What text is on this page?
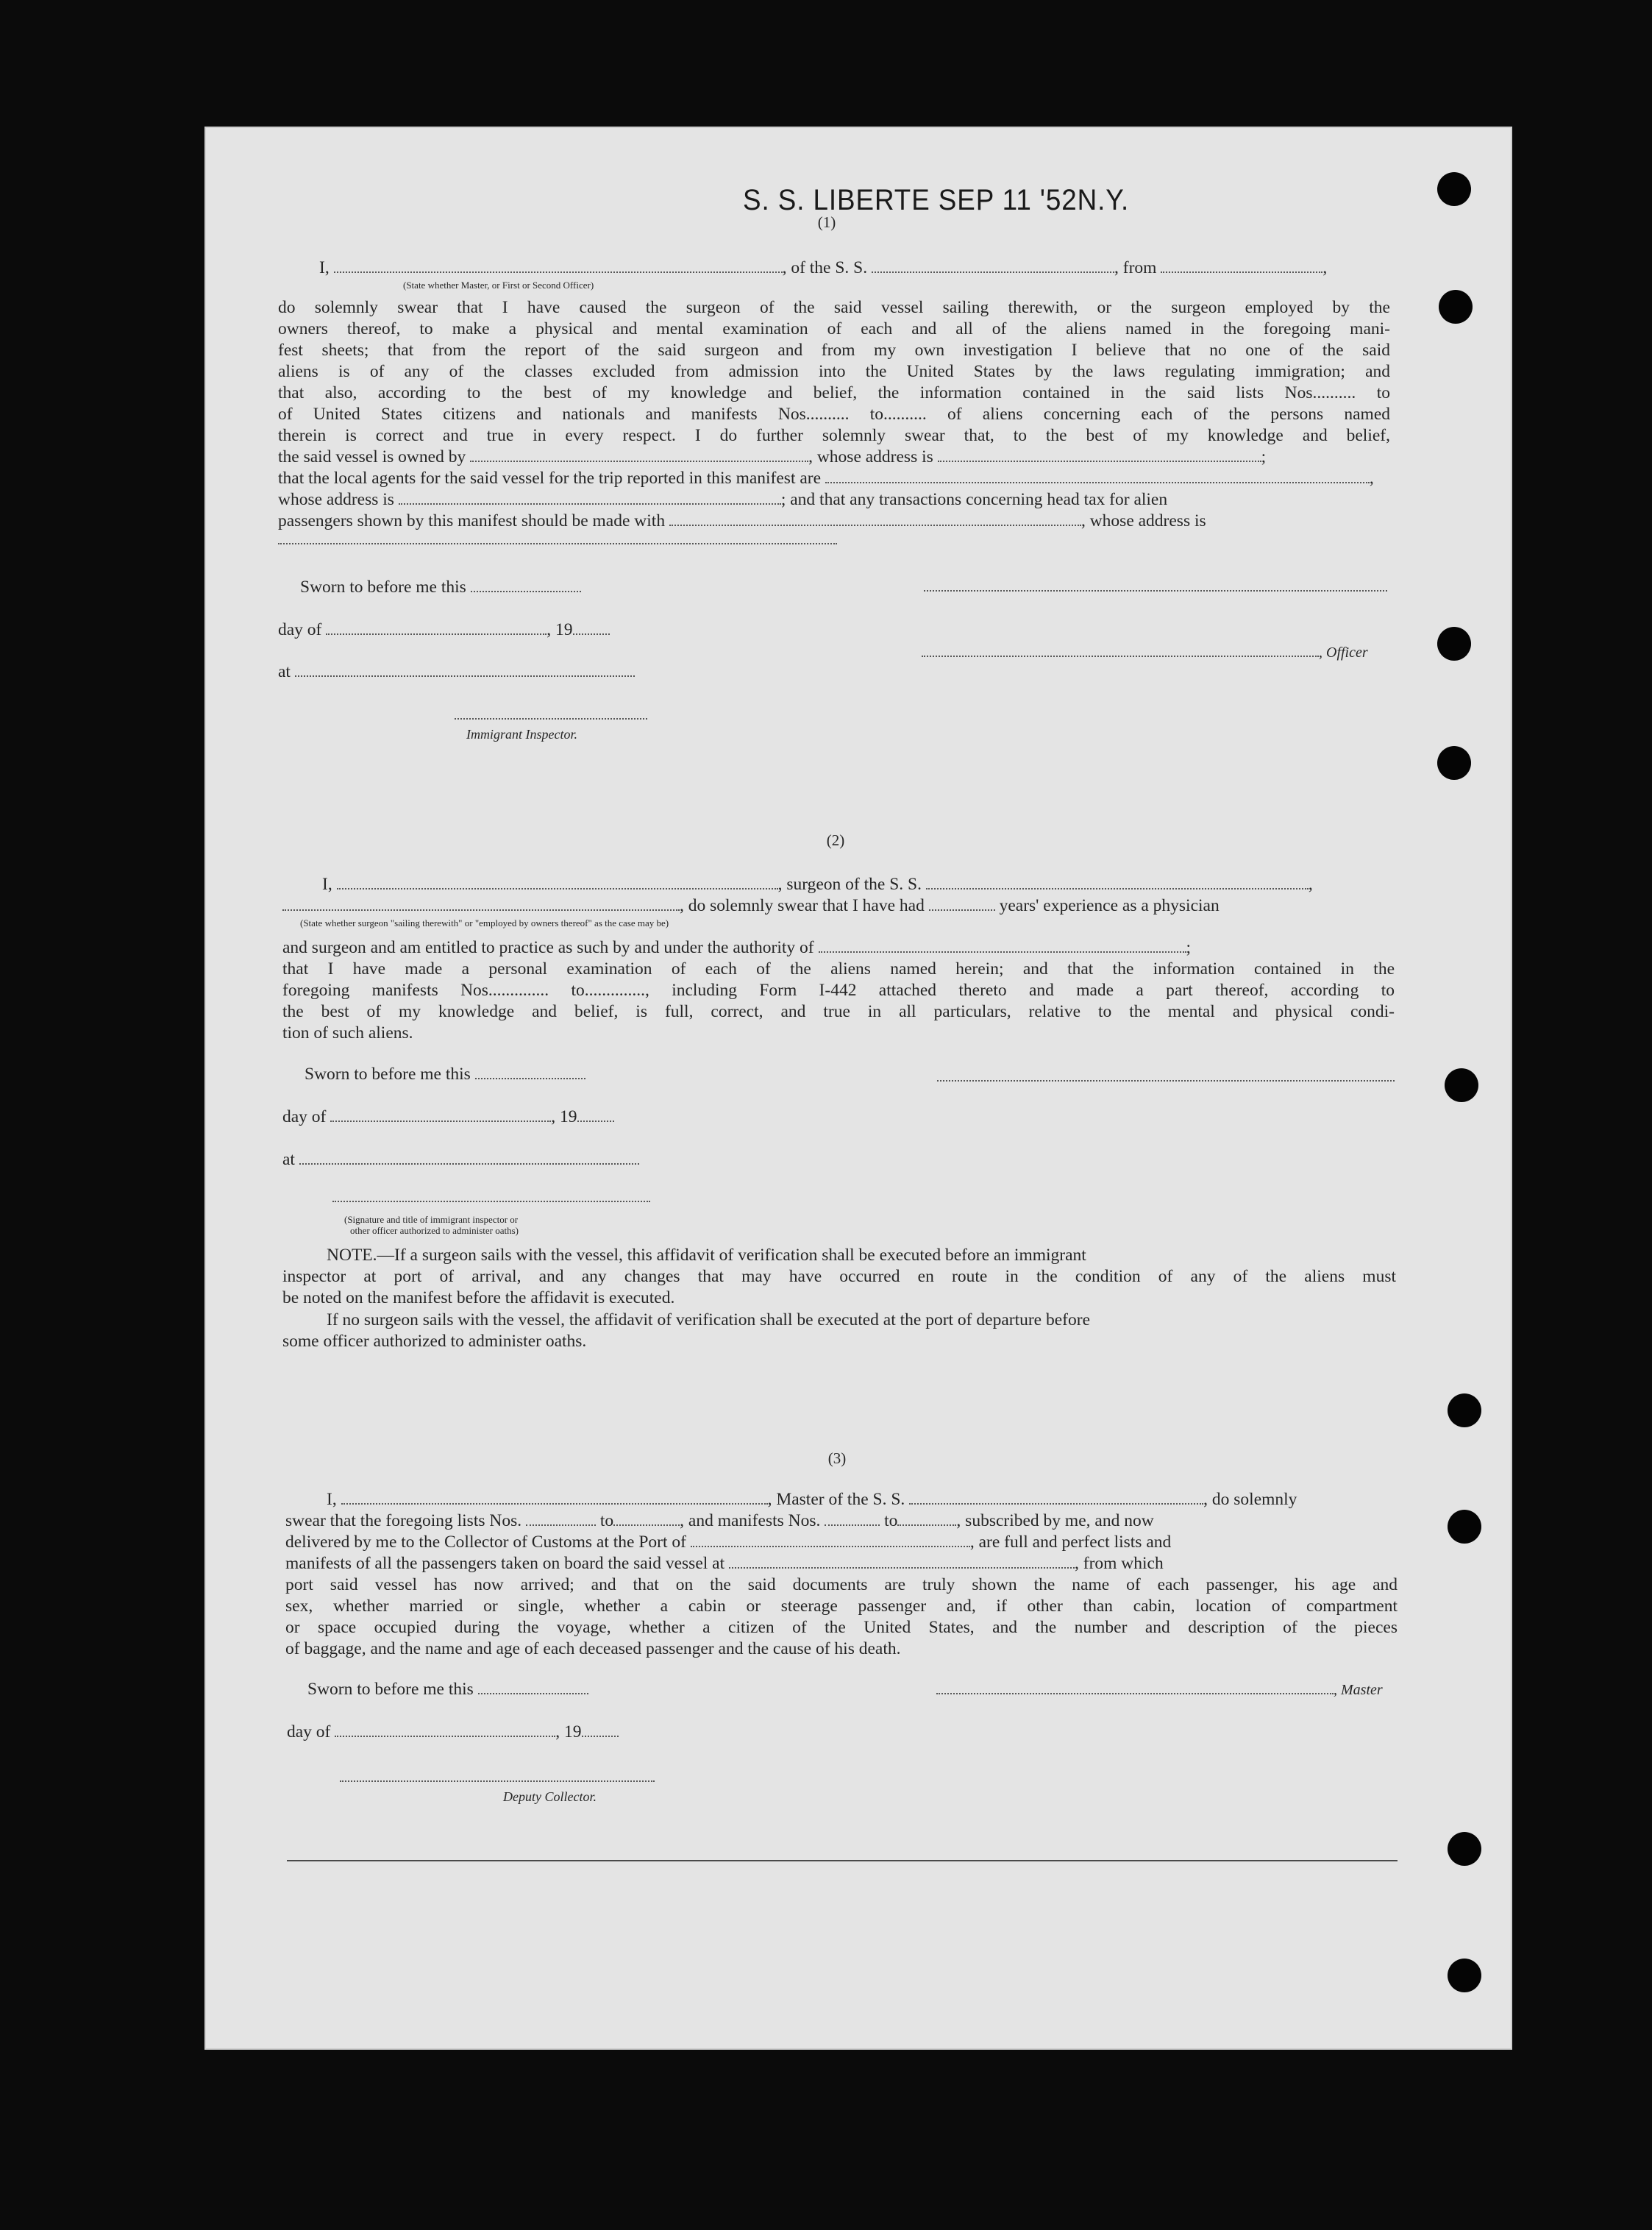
S. S. LIBERTE SEP 11 '52N.Y.
(1)
I,	, of the S. S.	, from	,
(State whether Master, or First or Second Officer)
do solemnly swear that I have caused the surgeon of the said vessel sailing therewith, or the surgeon employed by the
owners thereof, to make a physical and mental examination of each and all of the aliens named in the foregoing mani-
fest sheets; that from the report of the said surgeon and from my own investigation I believe that no one of the said
aliens is of any of the classes excluded from admission into the United States by the laws regulating immigration; and
that also, according to the best of my knowledge and belief, the information contained in the said lists Nos.......... to
of United States citizens and nationals and manifests Nos.......... to.......... of aliens concerning each of the persons named
therein is correct and true in every respect. I do further solemnly swear that, to the best of my knowledge and belief,
the said vessel is owned by	, whose address is	;
that the local agents for the said vessel for the trip reported in this manifest are	,
whose address is	; and that any transactions concerning head tax for alien
passengers shown by this manifest should be made with	, whose address is
Sworn to before me this
day of	, 19
, Officer
at
Immigrant Inspector.
(2)
I,	, surgeon of the S. S.	,
, do solemnly swear that I have had	years' experience as a physician
(State whether surgeon "sailing therewith" or "employed by owners thereof" as the case may be)
and surgeon and am entitled to practice as such by and under the authority of	;
that I have made a personal examination of each of the aliens named herein; and that the information contained in the
foregoing manifests Nos.............. to.............., including Form I-442 attached thereto and made a part thereof, according to
the best of my knowledge and belief, is full, correct, and true in all particulars, relative to the mental and physical condi-
tion of such aliens.
Sworn to before me this
day of	, 19
at
(Signature and title of immigrant inspector or
other officer authorized to administer oaths)
NOTE.—If a surgeon sails with the vessel, this affidavit of verification shall be executed before an immigrant
inspector at port of arrival, and any changes that may have occurred en route in the condition of any of the aliens must
be noted on the manifest before the affidavit is executed.
If no surgeon sails with the vessel, the affidavit of verification shall be executed at the port of departure before
some officer authorized to administer oaths.
(3)
I,	, Master of the S. S.	, do solemnly
swear that the foregoing lists Nos.	to	, and manifests Nos.	to	, subscribed by me, and now
delivered by me to the Collector of Customs at the Port of	, are full and perfect lists and
manifests of all the passengers taken on board the said vessel at	, from which
port said vessel has now arrived; and that on the said documents are truly shown the name of each passenger, his age and
sex, whether married or single, whether a cabin or steerage passenger and, if other than cabin, location of compartment
or space occupied during the voyage, whether a citizen of the United States, and the number and description of the pieces
of baggage, and the name and age of each deceased passenger and the cause of his death.
Sworn to before me this	, Master
day of	, 19
Deputy Collector.
